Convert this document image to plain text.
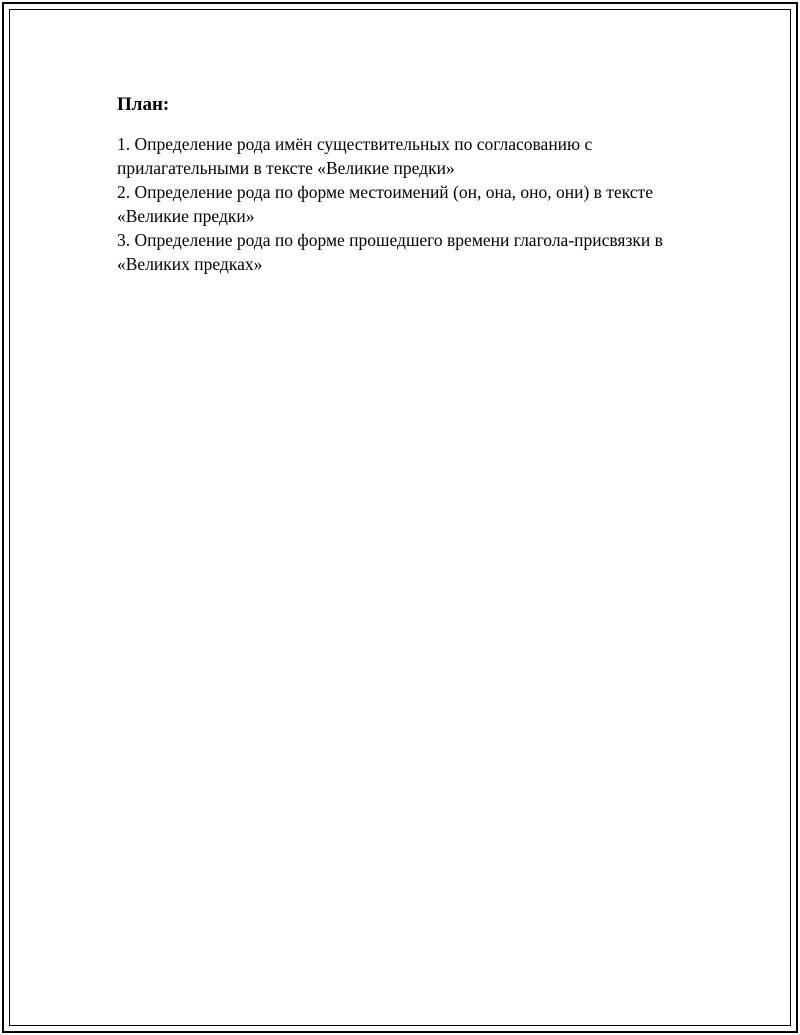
План:
1. Определение рода имён существительных по согласованию с прилагательными в тексте «Великие предки»
2. Определение рода по форме местоимений (он, она, оно, они) в тексте «Великие предки»
3. Определение рода по форме прошедшего времени глагола-присвязки в «Великих предках»
